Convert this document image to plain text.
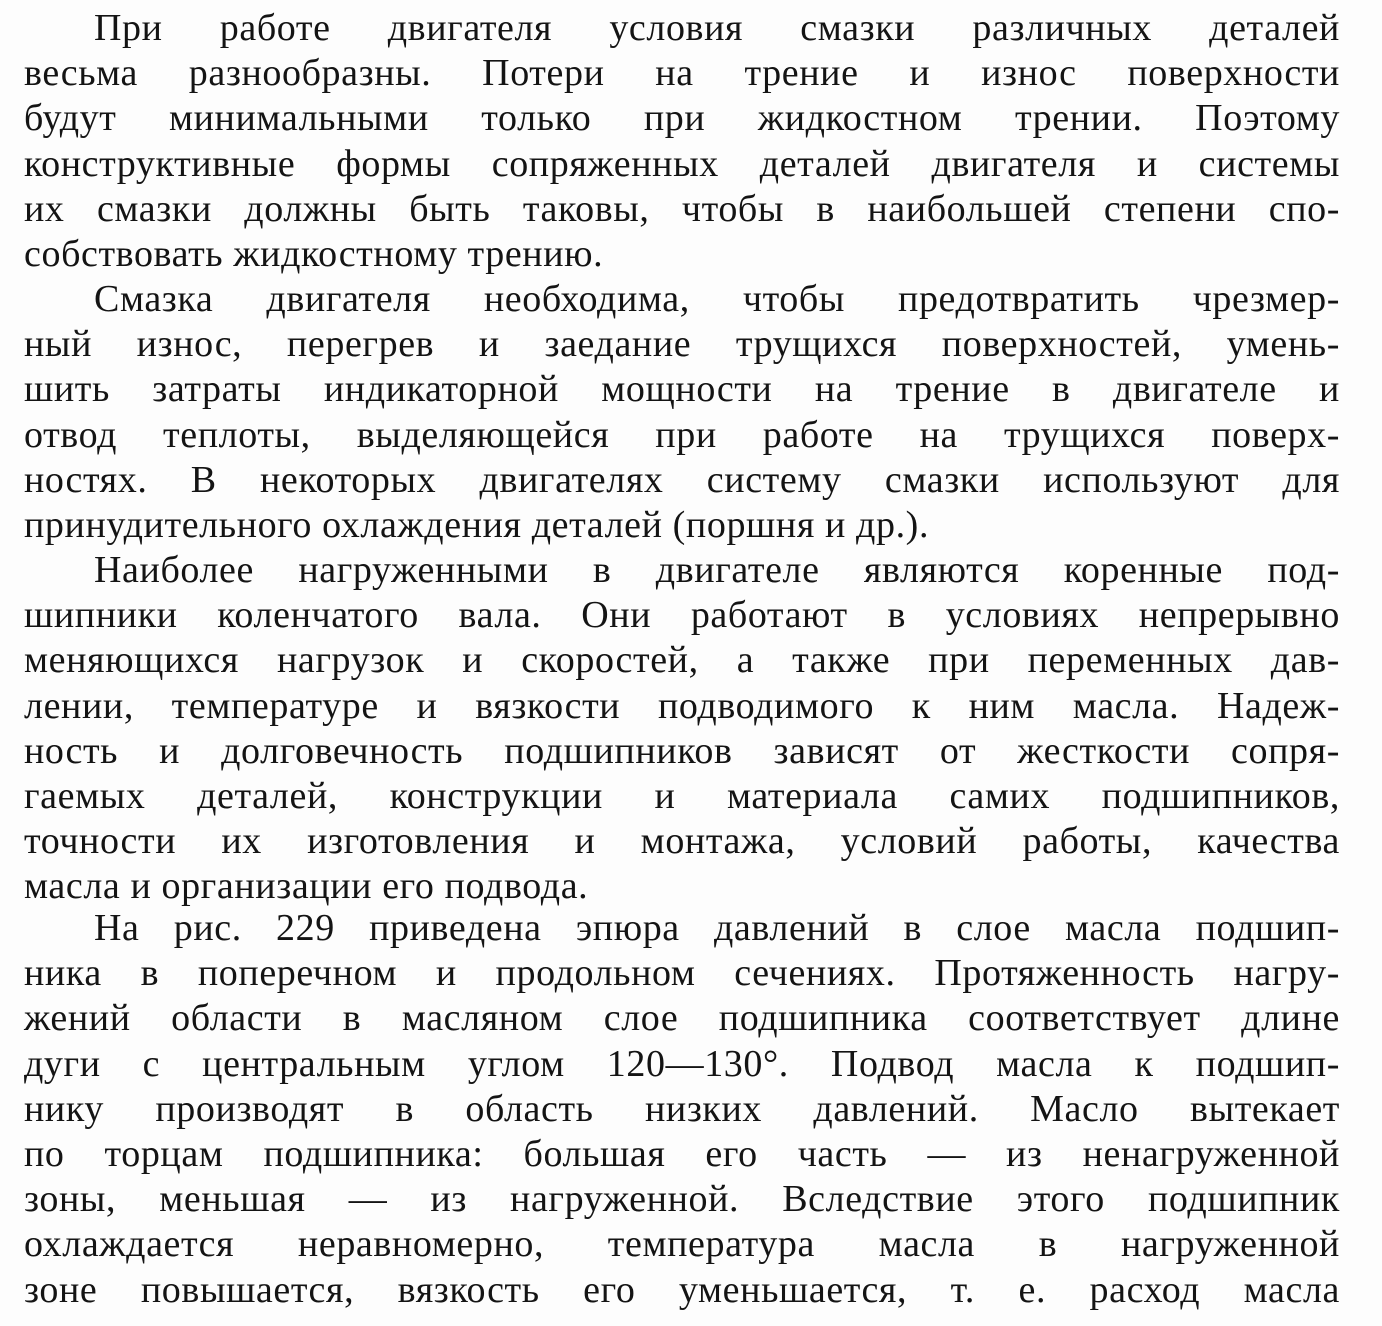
При работе двигателя условия смазки различных деталей
весьма разнообразны. Потери на трение и износ поверхности
будут минимальными только при жидкостном трении. Поэтому
конструктивные формы сопряженных деталей двигателя и системы
их смазки должны быть таковы, чтобы в наибольшей степени спо-
собствовать жидкостному трению.
Смазка двигателя необходима, чтобы предотвратить чрезмер-
ный износ, перегрев и заедание трущихся поверхностей, умень-
шить затраты индикаторной мощности на трение в двигателе и
отвод теплоты, выделяющейся при работе на трущихся поверх-
ностях. В некоторых двигателях систему смазки используют для
принудительного охлаждения деталей (поршня и др.).
Наиболее нагруженными в двигателе являются коренные под-
шипники коленчатого вала. Они работают в условиях непрерывно
меняющихся нагрузок и скоростей, а также при переменных дав-
лении, температуре и вязкости подводимого к ним масла. Надеж-
ность и долговечность подшипников зависят от жесткости сопря-
гаемых деталей, конструкции и материала самих подшипников,
точности их изготовления и монтажа, условий работы, качества
масла и организации его подвода.
На рис. 229 приведена эпюра давлений в слое масла подшип-
ника в поперечном и продольном сечениях. Протяженность нагру-
жений области в масляном слое подшипника соответствует длине
дуги с центральным углом 120—130°. Подвод масла к подшип-
нику производят в область низких давлений. Масло вытекает
по торцам подшипника: большая его часть — из ненагруженной
зоны, меньшая — из нагруженной. Вследствие этого подшипник
охлаждается неравномерно, температура масла в нагруженной
зоне повышается, вязкость его уменьшается, т. е. расход масла
